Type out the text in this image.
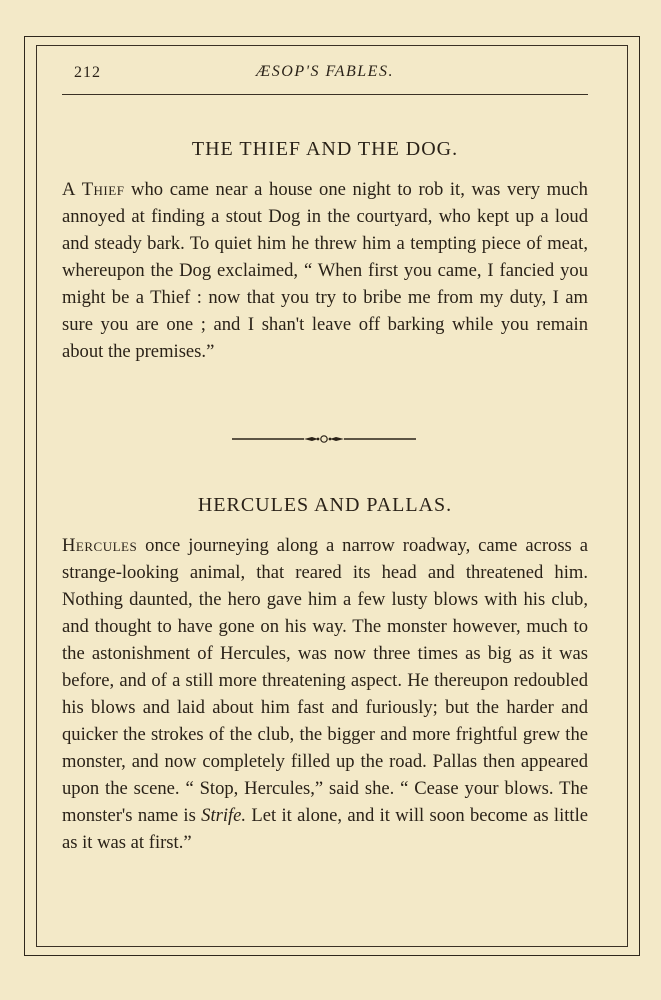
212	ÆSOP'S FABLES.
THE THIEF AND THE DOG.

A Thief who came near a house one night to rob it, was very much annoyed at finding a stout Dog in the courtyard, who kept up a loud and steady bark. To quiet him he threw him a tempting piece of meat, whereupon the Dog exclaimed, “ When first you came, I fancied you might be a Thief : now that you try to bribe me from my duty, I am sure you are one ; and I shan't leave off barking while you remain about the premises.”

HERCULES AND PALLAS.

Hercules once journeying along a narrow roadway, came across a strange-looking animal, that reared its head and threatened him. Nothing daunted, the hero gave him a few lusty blows with his club, and thought to have gone on his way. The monster however, much to the astonishment of Hercules, was now three times as big as it was before, and of a still more threatening aspect. He thereupon redoubled his blows and laid about him fast and furiously; but the harder and quicker the strokes of the club, the bigger and more frightful grew the monster, and now completely filled up the road. Pallas then appeared upon the scene. “ Stop, Hercules,” said she. “ Cease your blows. The monster's name is Strife. Let it alone, and it will soon become as little as it was at first.”
